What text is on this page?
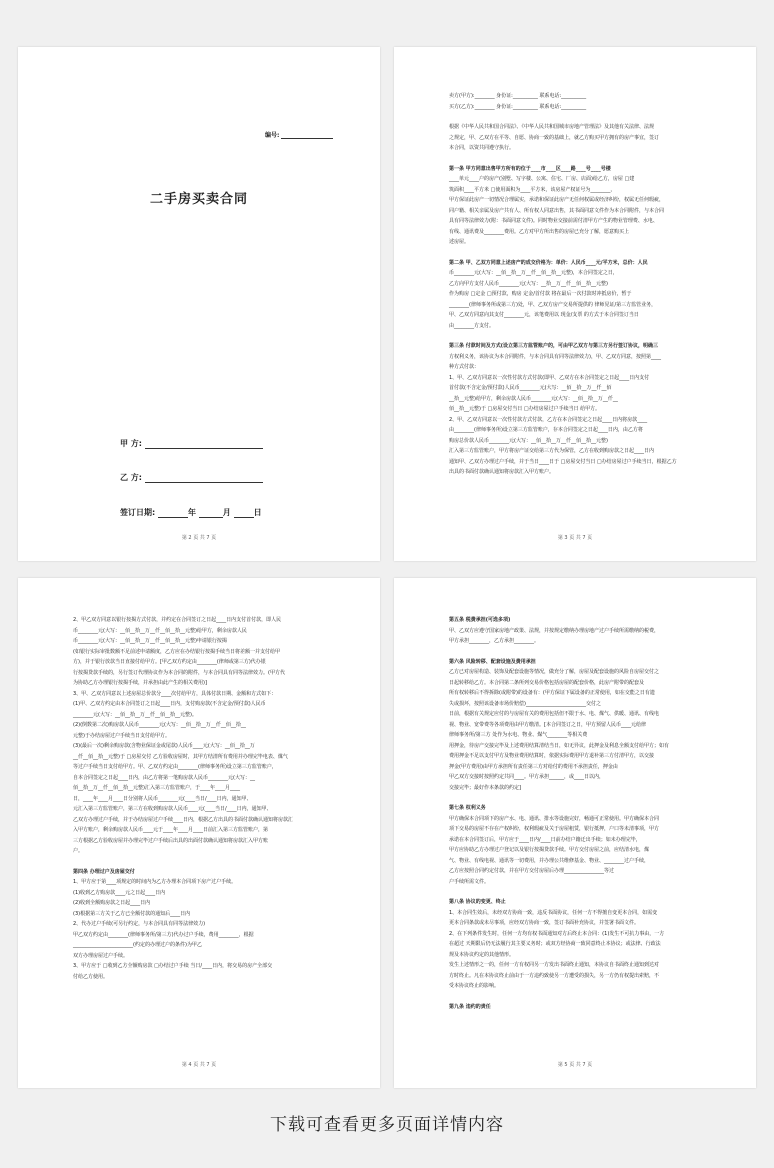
编号:
二手房买卖合同
甲 方:
乙 方:
签订日期:	年	月	日
第 2 页 共 7 页

卖方(甲方):________ 身份证:__________ 联系电话:__________

买方(乙方):________ 身份证:__________ 联系电话:__________

根据《中华人民共和国合同法》、《中华人民共和国城市房地产管理法》及其他有关法律、法规

之规定，甲、乙双方在平等、自愿、协商一致的基础上，就乙方购买甲方拥有的房产事宜，签订

本合同，以资共同遵守执行。

第一条 甲方同意出售甲方所有的位于____市____区____路____号____号楼

____单元____户的房产(别墅、写字楼、公寓、住宅、厂房、店面)给乙方，房屋 □建

筑面积____平方米 □使用面积为____平方米，该房屋产权证号为________，

甲方保证此房产一切情况合理属实，承诺和保证此房产无任何权属或经济纠纷，权属无任何瑕疵，

同户籍、相关亲属及房产共有人、所有权人同意出售，其书面同意文件作为本合同附件，与本合同

具有同等法律效力(附：书面同意文件)。同时物业交接前需付清甲方产生的物业管理费、水电、

有线、通讯费及________费用。乙方对甲方所出售的房屋已充分了解，愿意购买上

述房屋。

第二条 甲、乙双方同意上述房产的成交价格为：单价：人民币____元/平方米，总价：人民

币________元(大写：__佰__拾__万__仟__佰__拾__元整)，本合同签定之日，

乙方向甲方支付人民币________元(大写：__拾__万__仟__佰__拾__元整)

作为购房 □定金 □预付款，购房 定金/首付款 将在最后一次付款时冲抵房价，暂于

________(律师事务所或第三方)处，甲、乙双方房产交易所提供的 律师见证/第三方监管业务，

甲、乙双方同意向其支付________元，该笔费用以 现金/支票 的方式于本合同签订当日

由________方支付。

第三条 付款时间及方式(设立第三方监管账户的，可由甲乙双方与第三方另行签订协议，明确三

方权利义务，该协议为本合同附件，与本合同具有同等法律效力)，甲、乙双方同意，按照第____

种方式付款：

1、甲、乙双方同意以一次性付款方式付款(即甲、乙双方在本合同签定之日起____日内支付

首付款(不含定金/预付款)人民币________元(大写：__佰__拾__万__仟__佰

__拾__元整)给甲方，剩余房款人民币________元(大写：__佰__拾__万__仟__

佰__拾__元整)于 □房屋交付当日 □办结房屋过户手续当日 给甲方。

2、甲、乙双方同意以一次性付款方式付款，乙方在本合同签定之日起____日内将房款____

由________(律师事务所)设立第三方监管账户，存本合同签定之日起____日内，由乙方将

购房总价款人民币________元(大写：__佰__拾__万__仟__佰__拾__元整)

汇入第三方监管账户，甲方将房产证交给第三方代为保管，乙方在收到购房款之日起____日内

通知甲、乙双方办理过户手续，并于当日____日于 □房屋交付当日 □办结房屋过户手续当日，根据乙方

出具的书面付款确认通知将房款汇入甲方账户。

第 3 页 共 7 页

2、甲乙双方同意以银行按揭方式付款，并约定在合同签订之日起____日内支付首付款，即人民

币________元(大写：__佰__拾__万__仟__佰__拾__元整)给甲方，剩余房款人民

币________元(大写：__佰__拾__万__仟__佰__拾__元整)申请银行按揭

(如银行实际审批数额不足前述申请额度，乙方应在办结银行按揭手续当日将差额一并支付给甲

方)，并于银行放款当日直接付给甲方。[甲乙双方约定由________(律师或第三方)代办银

行按揭贷款手续的，另行签订代理协议作为本合同的附件，与本合同具有同等法律效力。(甲方代

为协助乙方办理银行按揭手续，并承担由此产生的相关费用)]

3、甲、乙双方同意以上述房屋总价款分____次付给甲方，具体付款日期、金额和方式如下：

(1)甲、乙双方约定由本合同签订之日起____日内，支付购房款(不含定金/预付款)人民币

________元(大写：__佰__拾__万__仟__佰__拾__元整)。

(2)(倒数第二次)购房款人民币________元(大写：__佰__拾__万__仟__佰__拾__

元整)于办结房屋过户手续当日支付给甲方。

(3)(最后一次)剩余购房款(含物业保证金或尾款)人民币____元(大写：__佰__拾__万

__仟__佰__拾__元整)于 □房屋交付 乙方验收房屋时，其甲方结清所有费用并办理完毕电表、煤气

等过户手续当日支付给甲方。甲、乙双方约定由________(律师事务所)设立第三方监管账户，

自本合同签定之日起____日内，由乙方将第一笔购房款人民币________元(大写：__

佰__拾__万__仟__佰__拾__元整)汇入第三方监管账户，于____年____月____

日，____年____月____日分别将人民币________元(____当日/____日内，通知甲、

元汇入第三方监管账户，第三方在收到购房款人民币____元(____当日/____日内，通知甲、

乙双方办理过户手续，并于办结房屋过户手续____日内，根据乙方出具的书面付款确认通知将房款汇

入甲方账户，剩余购房款人民币____元于____年____月____日前汇入第三方监管账户，第

三方根据乙方验收房屋并办理完毕过户手续后出具的出面付款确认通知将房款汇入甲方账

户。

第四条 办理过户及房屋交付

1、甲方应于第____项规定的时间内为乙方办理本合同项下房产过户手续。

(1)收到乙方购房款____元之日起____日内

(2)收到全额购房款之日起____日内

(3)根据第三方关于乙方已全额付款的通知后____日内

2、代办过户手续(可另行约定，与本合同具有同等法律效力)

甲乙双方约定由________(律师事务所/第三方)代办过户手续，费用________，根据

________________________(约定的办理过户的条件)为甲乙

双方办理房屋过户手续。

3、甲方应于 □收到乙方全额购房款 □办结过户手续 当日/____日内，将交易的房产全部交

付给乙方使用。

第 4 页 共 7 页

第五条 税费承担(可选多项)

甲、乙双方应遵守国家房地产政策、法规，并按规定缴纳办理房地产过户手续所需缴纳的税费，

甲方承担________，乙方承担________。

第六条 风险转移、配套设施及费用承担

乙方已对房屋构造、装饰及配套设施等情况，做充分了解，房屋及配套设施的风险自房屋交付之

日起转移给乙方。本合同第二条所列交易价格包括房屋的配套价格，此房产附带的配套及

所有权转移后不得拆除(或附带)的设备有：(甲方保证下属设备的正常使用，如在交能之日有遗

失或损坏，按照该设备市场价赔偿)________________________交付之

日前，根据有关规定应付的与房屋有关的费用包括但不限于水、电、煤气、供暖、通讯、有线电

视、物业、宽带费等各项费用由甲方缴清。[本合同签订之日，甲方预留人民币____元给律

律师事务所/第三方 处作为水电、物业、煤气________等相关费

用押金，待房产交接完毕及上述费用结算清结当日，如无异议，此押金及利息全额支付给甲方；如有

费用押金不足以支付甲方及物业费用结算时，依据实际费用甲方退补第三方付清甲方，以交接

押金(甲方费用)由甲方承担所有责任第三方对给付的费用不承担责任，押金由

甲乙双方交接时按照约定共同____。甲方承担______，或____日以内，

交接完毕；最好作本条款的约定]

第七条 权利义务

甲方确保本合同项下的房产水、电、通讯、排水等设施完好，畅通可正常使用。甲方确保本合同

项下交易的房屋不存在产权纠纷，权利瑕疵及关于房屋租赁，银行抵押，户口等未清事项，甲方

承诺在本合同签订后，甲方应于____日内/____日前办结户籍迁出手续；如未办理完毕，

甲方应协助乙方办理过户登记以及银行按揭贷款手续。甲方交付房屋之前，应结清水电，煤

气、物业、有线电视、通讯等一切费用，并办理公共维修基金、物业、________过户手续，

乙方应按照合同约定付款，并在甲方交付房屋后办理________________等过

户手续所需文件。

第八条 协议的变更、终止

1、本合同生效后，未经双方协商一致，违反书面协议，任何一方不得擅自变更本合同，如需变

更本合同条款或未尽事项，应经双方协商一致，签订书面补充协议，并签署书面文件。

2、在下列条件发生时，任何一方均有权书面通知对方后终止本合同：(1)发生不可抗力事由，一方

在超过 天期限后仍无法履行其主要义务时；或双方经协商一致同意终止本协议；或法律、行政法

规及本协议约定的其他情形。

发生上述情形之一的，任何一方有权同另一方发出书面终止通知，本协议自书面终止通知到达对

方时终止。凡在本协议终止前由于一方违约致使另一方遭受的损失，另一方仍有权提出索赔，不

受本协议终止的影响。

第九条 违约的责任

第 5 页 共 7 页
下载可查看更多页面详情内容
